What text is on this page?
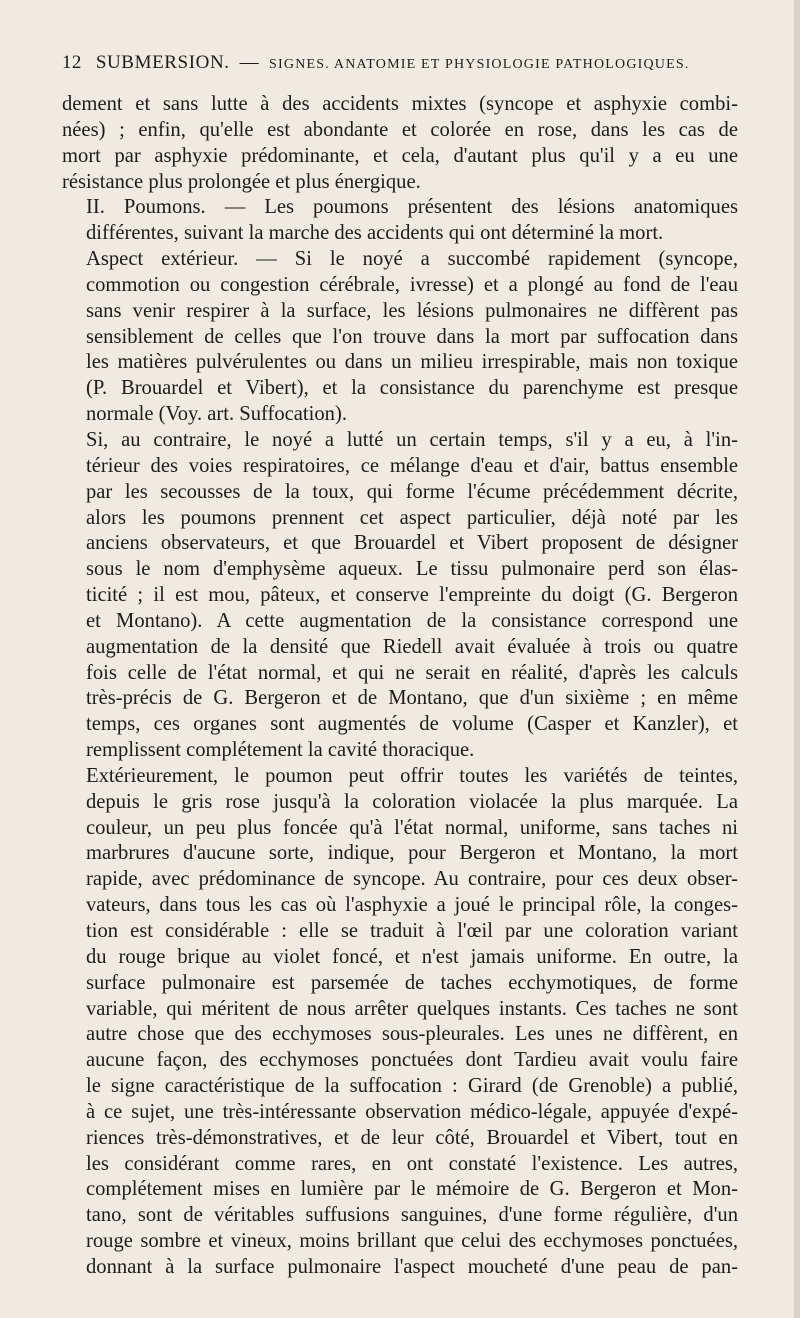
12 SUBMERSION. — SIGNES. ANATOMIE ET PHYSIOLOGIE PATHOLOGIQUES.

dement et sans lutte à des accidents mixtes (syncope et asphyxie combi-
nées) ; enfin, qu'elle est abondante et colorée en rose, dans les cas de
mort par asphyxie prédominante, et cela, d'autant plus qu'il y a eu une
résistance plus prolongée et plus énergique.

II. Poumons. — Les poumons présentent des lésions anatomiques
différentes, suivant la marche des accidents qui ont déterminé la mort.

Aspect extérieur. — Si le noyé a succombé rapidement (syncope,
commotion ou congestion cérébrale, ivresse) et a plongé au fond de l'eau
sans venir respirer à la surface, les lésions pulmonaires ne diffèrent pas
sensiblement de celles que l'on trouve dans la mort par suffocation dans
les matières pulvérulentes ou dans un milieu irrespirable, mais non toxique
(P. Brouardel et Vibert), et la consistance du parenchyme est presque
normale (Voy. art. Suffocation).

Si, au contraire, le noyé a lutté un certain temps, s'il y a eu, à l'in-
térieur des voies respiratoires, ce mélange d'eau et d'air, battus ensemble
par les secousses de la toux, qui forme l'écume précédemment décrite,
alors les poumons prennent cet aspect particulier, déjà noté par les
anciens observateurs, et que Brouardel et Vibert proposent de désigner
sous le nom d'emphysème aqueux. Le tissu pulmonaire perd son élas-
ticité ; il est mou, pâteux, et conserve l'empreinte du doigt (G. Bergeron
et Montano). A cette augmentation de la consistance correspond une
augmentation de la densité que Riedell avait évaluée à trois ou quatre
fois celle de l'état normal, et qui ne serait en réalité, d'après les calculs
très-précis de G. Bergeron et de Montano, que d'un sixième ; en même
temps, ces organes sont augmentés de volume (Casper et Kanzler), et
remplissent complétement la cavité thoracique.

Extérieurement, le poumon peut offrir toutes les variétés de teintes,
depuis le gris rose jusqu'à la coloration violacée la plus marquée. La
couleur, un peu plus foncée qu'à l'état normal, uniforme, sans taches ni
marbrures d'aucune sorte, indique, pour Bergeron et Montano, la mort
rapide, avec prédominance de syncope. Au contraire, pour ces deux obser-
vateurs, dans tous les cas où l'asphyxie a joué le principal rôle, la conges-
tion est considérable : elle se traduit à l'œil par une coloration variant
du rouge brique au violet foncé, et n'est jamais uniforme. En outre, la
surface pulmonaire est parsemée de taches ecchymotiques, de forme
variable, qui méritent de nous arrêter quelques instants. Ces taches ne sont
autre chose que des ecchymoses sous-pleurales. Les unes ne diffèrent, en
aucune façon, des ecchymoses ponctuées dont Tardieu avait voulu faire
le signe caractéristique de la suffocation : Girard (de Grenoble) a publié,
à ce sujet, une très-intéressante observation médico-légale, appuyée d'expé-
riences très-démonstratives, et de leur côté, Brouardel et Vibert, tout en
les considérant comme rares, en ont constaté l'existence. Les autres,
complétement mises en lumière par le mémoire de G. Bergeron et Mon-
tano, sont de véritables suffusions sanguines, d'une forme régulière, d'un
rouge sombre et vineux, moins brillant que celui des ecchymoses ponctuées,
donnant à la surface pulmonaire l'aspect moucheté d'une peau de pan-
